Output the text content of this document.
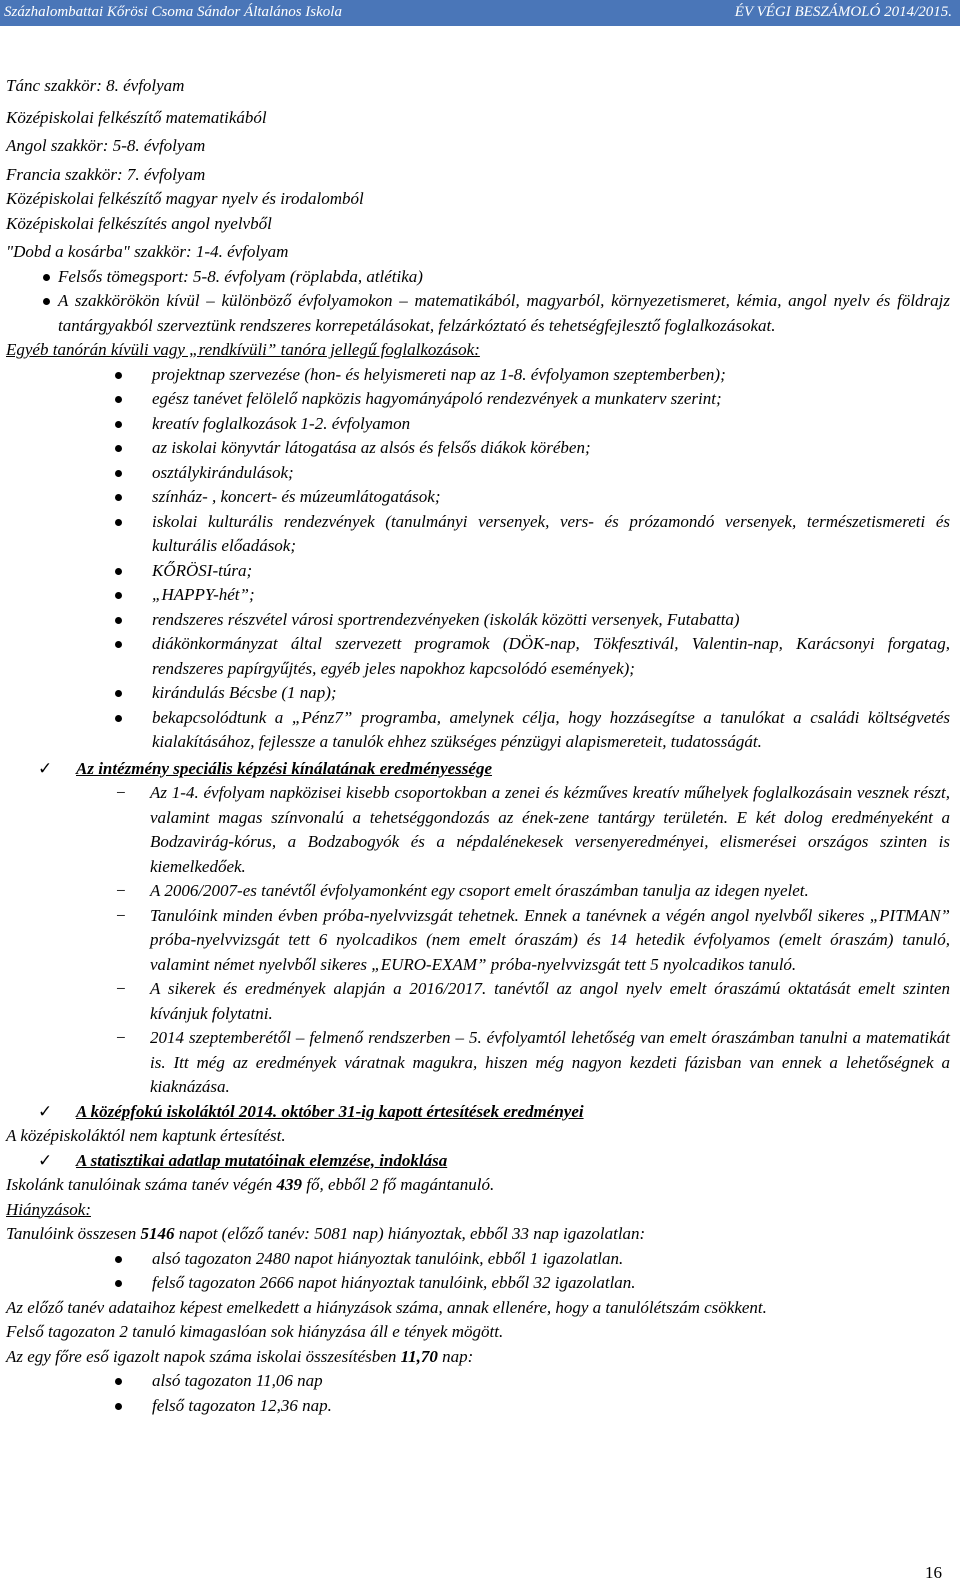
Százhalombattai Kőrösi Csoma Sándor Általános Iskola	ÉV VÉGI BESZÁMOLÓ 2014/2015.

Tánc szakkör: 8. évfolyam

Középiskolai felkészítő matematikából

Angol szakkör: 5-8. évfolyam

Francia szakkör: 7. évfolyam

Középiskolai felkészítő magyar nyelv és irodalomból

Középiskolai felkészítés angol nyelvből

"Dobd a kosárba" szakkör: 1-4. évfolyam

Felsős tömegsport: 5-8. évfolyam (röplabda, atlétika)
A szakkörökön kívül – különböző évfolyamokon – matematikából, magyarból, környezetismeret, kémia, angol nyelv és földrajz tantárgyakból szerveztünk rendszeres korrepetálásokat, felzárkóztató és tehetségfejlesztő foglalkozásokat.

Egyéb tanórán kívüli vagy „rendkívüli” tanóra jellegű foglalkozások:

projektnap szervezése (hon- és helyismereti nap az 1-8. évfolyamon szeptemberben);
egész tanévet felölelő napközis hagyományápoló rendezvények a munkaterv szerint;
kreatív foglalkozások 1-2. évfolyamon
az iskolai könyvtár látogatása az alsós és felsős diákok körében;
osztálykirándulások;
színház- , koncert- és múzeumlátogatások;
iskolai kulturális rendezvények (tanulmányi versenyek, vers- és prózamondó versenyek, természetismereti és kulturális előadások;
KŐRÖSI-túra;
„HAPPY-hét”;
rendszeres részvétel városi sportrendezvényeken (iskolák közötti versenyek, Futabatta)
diákönkormányzat által szervezett programok (DÖK-nap, Tökfesztivál, Valentin-nap, Karácsonyi forgatag, rendszeres papírgyűjtés, egyéb jeles napokhoz kapcsolódó események);
kirándulás Bécsbe (1 nap);
bekapcsolódtunk a „Pénz7” programba, amelynek célja, hogy hozzásegítse a tanulókat a családi költségvetés kialakításához, fejlessze a tanulók ehhez szükséges pénzügyi alapismereteit, tudatosságát.
✓ Az intézmény speciális képzési kínálatának eredményessége
− Az 1-4. évfolyam napközisei kisebb csoportokban a zenei és kézműves kreatív műhelyek foglalkozásain vesznek részt, valamint magas színvonalú a tehetséggondozás az ének-zene tantárgy területén. E két dolog eredményeként a Bodzavirág-kórus, a Bodzabogyók és a népdalénekesek versenyeredményei, elismerései országos szinten is kiemelkedőek.
− A 2006/2007-es tanévtől évfolyamonként egy csoport emelt óraszámban tanulja az idegen nyelet.
− Tanulóink minden évben próba-nyelvvizsgát tehetnek. Ennek a tanévnek a végén angol nyelvből sikeres „PITMAN” próba-nyelvvizsgát tett 6 nyolcadikos (nem emelt óraszám) és 14 hetedik évfolyamos (emelt óraszám) tanuló, valamint német nyelvből sikeres „EURO-EXAM” próba-nyelvvizsgát tett 5 nyolcadikos tanuló.
− A sikerek és eredmények alapján a 2016/2017. tanévtől az angol nyelv emelt óraszámú oktatását emelt szinten kívánjuk folytatni.
− 2014 szeptemberétől – felmenő rendszerben – 5. évfolyamtól lehetőség van emelt óraszámban tanulni a matematikát is. Itt még az eredmények váratnak magukra, hiszen még nagyon kezdeti fázisban van ennek a lehetőségnek a kiaknázása.
✓ A középfokú iskoláktól 2014. október 31-ig kapott értesítések eredményei

A középiskoláktól nem kaptunk értesítést.

✓ A statisztikai adatlap mutatóinak elemzése, indoklása

Iskolánk tanulóinak száma tanév végén 439 fő, ebből 2 fő magántanuló.

Hiányzások:

Tanulóink összesen 5146 napot (előző tanév: 5081 nap) hiányoztak, ebből 33 nap igazolatlan:

alsó tagozaton 2480 napot hiányoztak tanulóink, ebből 1 igazolatlan.
felső tagozaton 2666 napot hiányoztak tanulóink, ebből 32 igazolatlan.

Az előző tanév adataihoz képest emelkedett a hiányzások száma, annak ellenére, hogy a tanulólétszám csökkent.

Felső tagozaton 2 tanuló kimagaslóan sok hiányzása áll e tények mögött.

Az egy főre eső igazolt napok száma iskolai összesítésben 11,70 nap:

alsó tagozaton 11,06 nap
felső tagozaton 12,36 nap.
16
